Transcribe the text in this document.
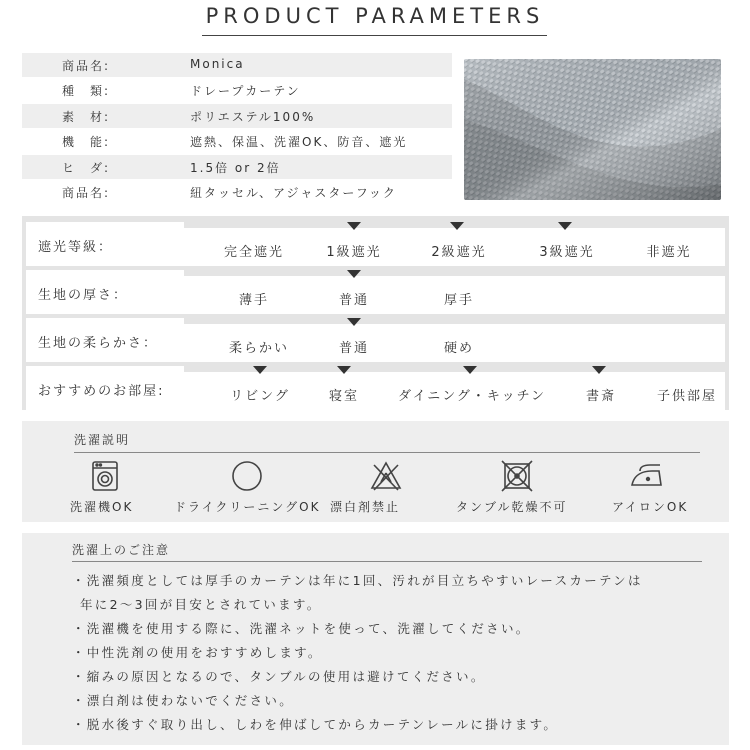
PRODUCT PARAMETERS
商品名:	Monica
種　類:	ドレープカーテン
素　材:	ポリエステル100%
機　能:	遮熱、保温、洗濯OK、防音、遮光
ヒ　ダ:	1.5倍 or 2倍
商品名:	紐タッセル、アジャスターフック
遮光等級：	完全遮光	1級遮光	2級遮光	3級遮光	非遮光
生地の厚さ：	薄手	普通	厚手
生地の柔らかさ：	柔らかい	普通	硬め
おすすめのお部屋:	リビング	寝室	ダイニング・キッチン	書斎	子供部屋
洗濯説明
洗濯機OK	ドライクリーニングOK 漂白剤禁止	タンブル乾燥不可	アイロンOK
洗濯上のご注意
・洗濯頻度としては厚手のカーテンは年に1回、汚れが目立ちやすいレースカーテンは
年に2～3回が目安とされています。
・洗濯機を使用する際に、洗濯ネットを使って、洗濯してください。
・中性洗剤の使用をおすすめします。
・縮みの原因となるので、タンブルの使用は避けてください。
・漂白剤は使わないでください。
・脱水後すぐ取り出し、しわを伸ばしてからカーテンレールに掛けます。
